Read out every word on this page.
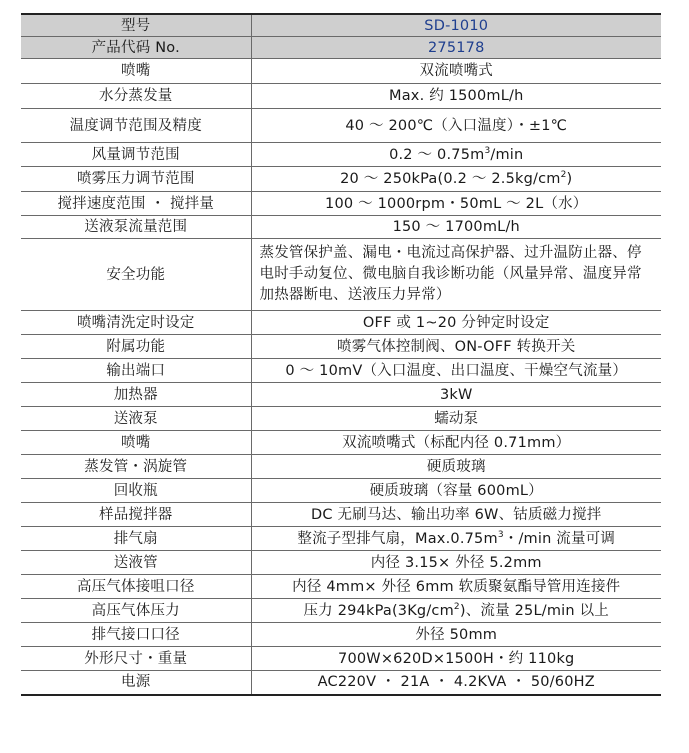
型号	SD-1010
产品代码 No.	275178
喷嘴	双流喷嘴式
水分蒸发量	Max. 约 1500mL/h
温度调节范围及精度	40 ～ 200℃（入口温度）・±1℃
风量调节范围	0.2 ～ $0.75m^3/\min$
喷雾压力调节范围	20 ～ 250kPa(0.2 ～ $2.5kg/cm^2$)
搅拌速度范围 ・ 搅拌量	100 ～ 1000rpm・50mL ～ 2L（水）
送液泵流量范围	150 ～ 1700mL/h
安全功能	蒸发管保护盖、漏电・电流过高保护器、过升温防止器、停电时手动复位、微电脑自我诊断功能（风量异常、温度异常加热器断电、送液压力异常）
喷嘴清洗定时设定	OFF 或 1~20 分钟定时设定
附属功能	喷雾气体控制阀、ON-OFF 转换开关
输出端口	0 ～ 10mV（入口温度、出口温度、干燥空气流量）
加热器	3kW
送液泵	蠕动泵
喷嘴	双流喷嘴式（标配内径 0.71mm）
蒸发管・涡旋管	硬质玻璃
回收瓶	硬质玻璃（容量 600mL）
样品搅拌器	DC 无刷马达、输出功率 6W、钴质磁力搅拌
排气扇	整流子型排气扇，$Max.0.75m^3$・/min 流量可调
送液管	内径 3.15× 外径 5.2mm
高压气体接咀口径	内径 4mm× 外径 6mm 软质聚氨酯导管用连接件
高压气体压力	压力 $294kPa(3Kg/cm^2)$、流量 25L/min 以上
排气接口口径	外径 50mm
外形尺寸・重量	700W×620D×1500H・约 110kg
电源	AC220V ・ 21A ・ 4.2KVA ・ 50/60HZ
